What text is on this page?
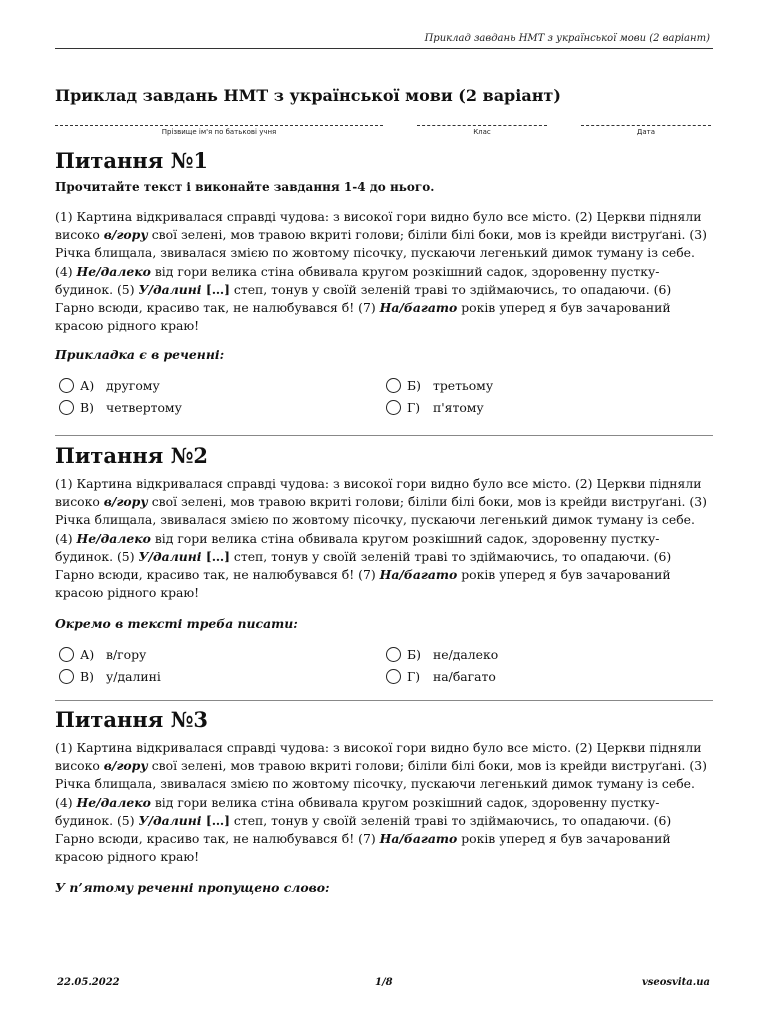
Приклад завдань НМТ з української мови (2 варіант)
Приклад завдань НМТ з української мови (2 варіант)
Прізвище ім'я по батькові учня	Клас	Дата
Питання №1

Прочитайте текст і виконайте завдання 1-4 до нього.

(1) Картина відкривалася справді чудова: з високої гори видно було все місто. (2) Церкви підняли високо в/гору свої зелені, мов травою вкриті голови; біліли білі боки, мов із крейди виструґані. (3) Річка блищала, звивалася змією по жовтому пісочку, пускаючи легенький димок туману із себе. (4) Не/далеко від гори велика стіна обвивала кругом розкішний садок, здоровенну пустку-будинок. (5) У/далині […] степ, тонув у своїй зеленій траві то здіймаючись, то опадаючи. (6) Гарно всюди, красиво так, не налюбувався б! (7) На/багато років уперед я був зачарований красою рідного краю!

Прикладка є в реченні:

А) другому	Б) третьому
В) четвертому	Г)	п'ятому
Питання №2

(1) Картина відкривалася справді чудова: з високої гори видно було все місто. (2) Церкви підняли високо в/гору свої зелені, мов травою вкриті голови; біліли білі боки, мов із крейди виструґані. (3) Річка блищала, звивалася змією по жовтому пісочку, пускаючи легенький димок туману із себе. (4) Не/далеко від гори велика стіна обвивала кругом розкішний садок, здоровенну пустку-будинок. (5) У/далині […] степ, тонув у своїй зеленій траві то здіймаючись, то опадаючи. (6) Гарно всюди, красиво так, не налюбувався б! (7) На/багато років уперед я був зачарований красою рідного краю!

Окремо в тексті треба писати:

А) в/гору	Б) не/далеко
В) у/далині	Г)	на/багато
Питання №3

(1) Картина відкривалася справді чудова: з високої гори видно було все місто. (2) Церкви підняли високо в/гору свої зелені, мов травою вкриті голови; біліли білі боки, мов із крейди виструґані. (3) Річка блищала, звивалася змією по жовтому пісочку, пускаючи легенький димок туману із себе. (4) Не/далеко від гори велика стіна обвивала кругом розкішний садок, здоровенну пустку-будинок. (5) У/далині […] степ, тонув у своїй зеленій траві то здіймаючись, то опадаючи. (6) Гарно всюди, красиво так, не налюбувався б! (7) На/багато років уперед я був зачарований красою рідного краю!

У п’ятому реченні пропущено слово:

22.05.2022	1/8	vseosvita.ua
